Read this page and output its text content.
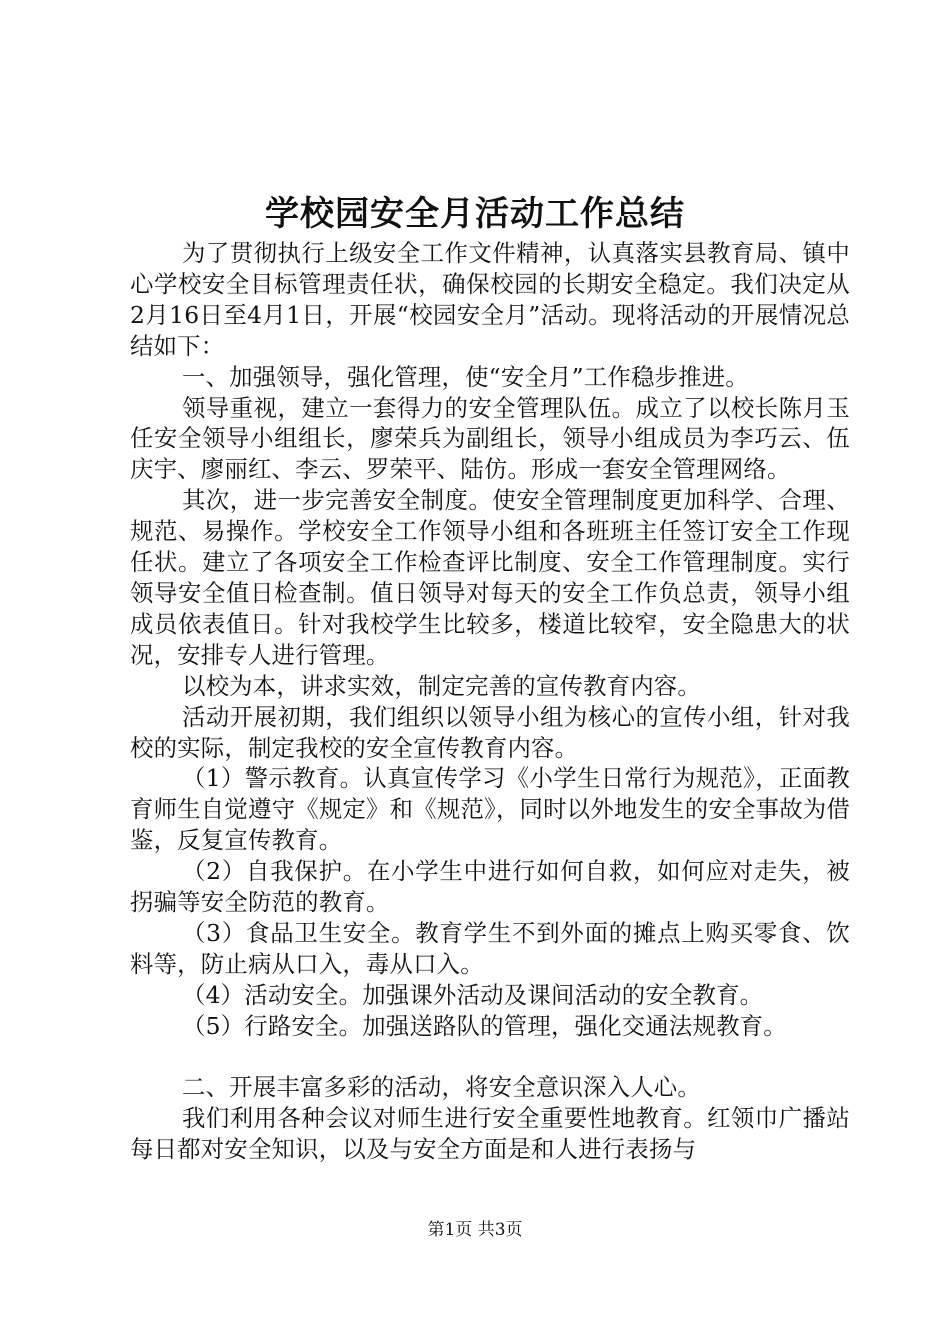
学校园安全月活动工作总结

为了贯彻执行上级安全工作文件精神，认真落实县教育局、镇中心学校安全目标管理责任状，确保校园的长期安全稳定。我们决定从2月16日至4月1日，开展“校园安全月”活动。现将活动的开展情况总结如下：

一、加强领导，强化管理，使“安全月”工作稳步推进。

领导重视，建立一套得力的安全管理队伍。成立了以校长陈月玉任安全领导小组组长，廖荣兵为副组长，领导小组成员为李巧云、伍庆宇、廖丽红、李云、罗荣平、陆仿。形成一套安全管理网络。

其次，进一步完善安全制度。使安全管理制度更加科学、合理、规范、易操作。学校安全工作领导小组和各班班主任签订安全工作现任状。建立了各项安全工作检查评比制度、安全工作管理制度。实行领导安全值日检查制。值日领导对每天的安全工作负总责，领导小组成员依表值日。针对我校学生比较多，楼道比较窄，安全隐患大的状况，安排专人进行管理。

以校为本，讲求实效，制定完善的宣传教育内容。

活动开展初期，我们组织以领导小组为核心的宣传小组，针对我校的实际，制定我校的安全宣传教育内容。

（1）警示教育。认真宣传学习《小学生日常行为规范》，正面教育师生自觉遵守《规定》和《规范》，同时以外地发生的安全事故为借鉴，反复宣传教育。

（2）自我保护。在小学生中进行如何自救，如何应对走失，被拐骗等安全防范的教育。

（3）食品卫生安全。教育学生不到外面的摊点上购买零食、饮料等，防止病从口入，毒从口入。

（4）活动安全。加强课外活动及课间活动的安全教育。

（5）行路安全。加强送路队的管理，强化交通法规教育。

二、开展丰富多彩的活动，将安全意识深入人心。

我们利用各种会议对师生进行安全重要性地教育。红领巾广播站每日都对安全知识，以及与安全方面是和人进行表扬与

第1页 共3页
